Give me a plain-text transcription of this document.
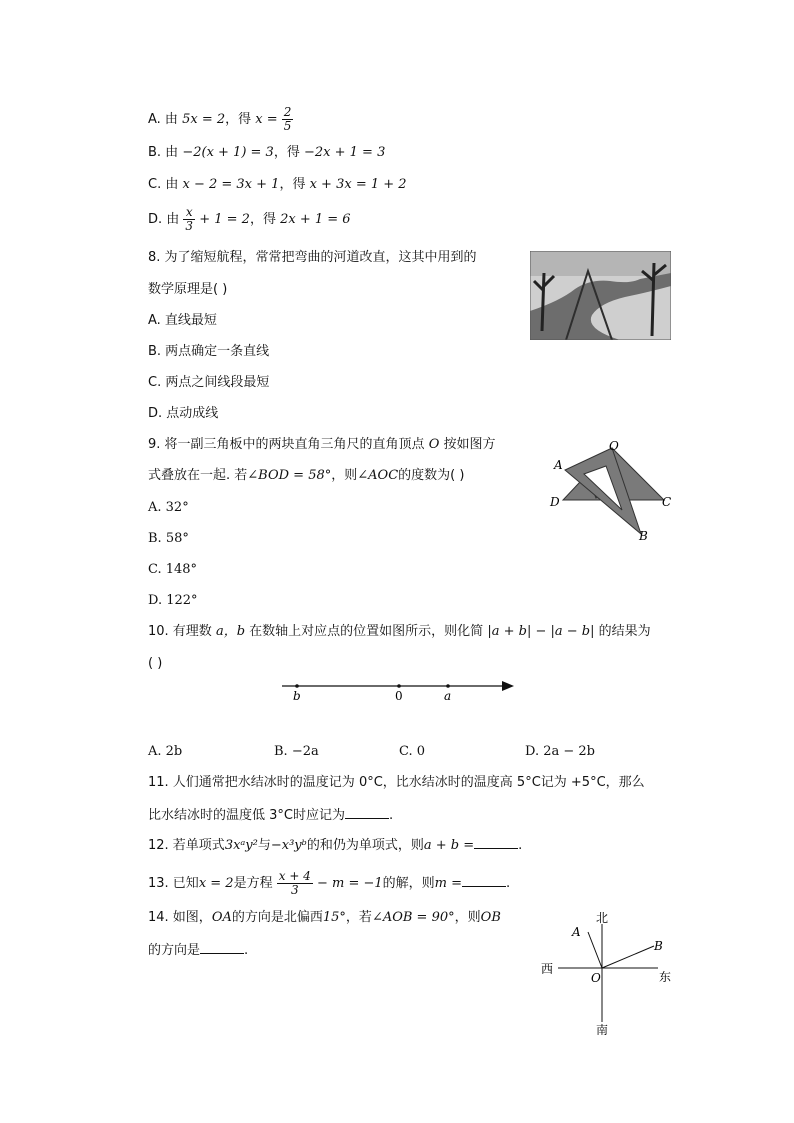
A. 由 5x = 2，得 $x = \frac{2}{5}$
B. 由 −2(x + 1) = 3，得 −2x + 1 = 3
C. 由 x − 2 = 3x + 1，得 x + 3x = 1 + 2
D. 由 $\frac{x}{3} + 1 = 2$，得 2x + 1 = 6
8. 为了缩短航程，常常把弯曲的河道改直，这其中用到的
数学原理是( )
A. 直线最短
B. 两点确定一条直线
C. 两点之间线段最短
D. 点动成线
9. 将一副三角板中的两块直角三角尺的直角顶点 O 按如图方
式叠放在一起. 若∠BOD = 58°，则∠AOC的度数为( )
A. 32°
B. 58°
C. 148°
D. 122°
O
A
D	C
B
10. 有理数 a，b 在数轴上对应点的位置如图所示，则化简 |a + b| − |a − b| 的结果为
( )
b	0	a
A. 2b	B. −2a	C. 0	D. 2a − 2b
11. 人们通常把水结冰时的温度记为 0°C，比水结冰时的温度高 5°C记为 +5°C，那么
比水结冰时的温度低 3°C时应记为	.
12. 若单项式3xᵃy²与−x³yᵇ的和仍为单项式，则a + b =	.
13. 已知x = 2是方程 $\frac{x + 4}{3} - m = -1$的解，则m =	.
14. 如图，OA的方向是北偏西15°，若∠AOB = 90°，则OB
的方向是	.
北
南
西
东
O
A
B
